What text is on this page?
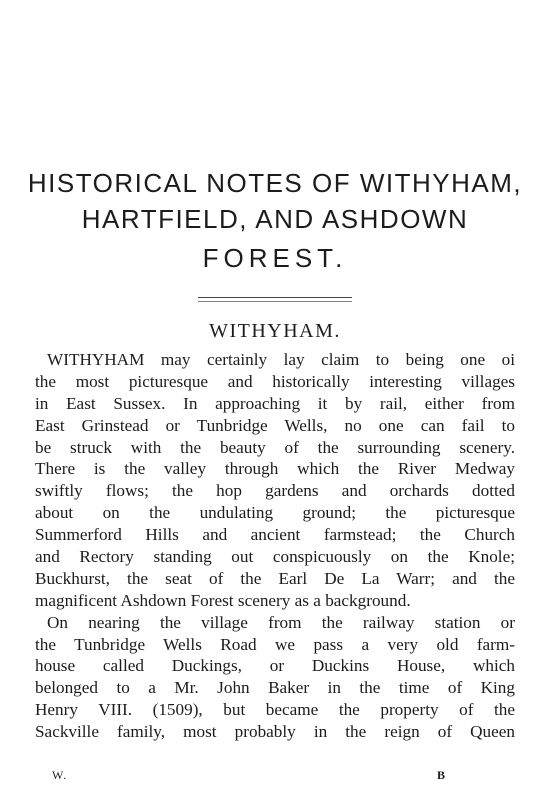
HISTORICAL NOTES OF WITHYHAM,
HARTFIELD, AND ASHDOWN
FOREST.
WITHYHAM.
WITHYHAM may certainly lay claim to being one oi
the most picturesque and historically interesting villages
in East Sussex. In approaching it by rail, either from
East Grinstead or Tunbridge Wells, no one can fail to
be struck with the beauty of the surrounding scenery.
There is the valley through which the River Medway
swiftly flows; the hop gardens and orchards dotted
about on the undulating ground; the picturesque
Summerford Hills and ancient farmstead; the Church
and Rectory standing out conspicuously on the Knole;
Buckhurst, the seat of the Earl De La Warr; and the
magnificent Ashdown Forest scenery as a background.
On nearing the village from the railway station or
the Tunbridge Wells Road we pass a very old farm-
house called Duckings, or Duckins House, which
belonged to a Mr. John Baker in the time of King
Henry VIII. (1509), but became the property of the
Sackville family, most probably in the reign of Queen
W.	B
